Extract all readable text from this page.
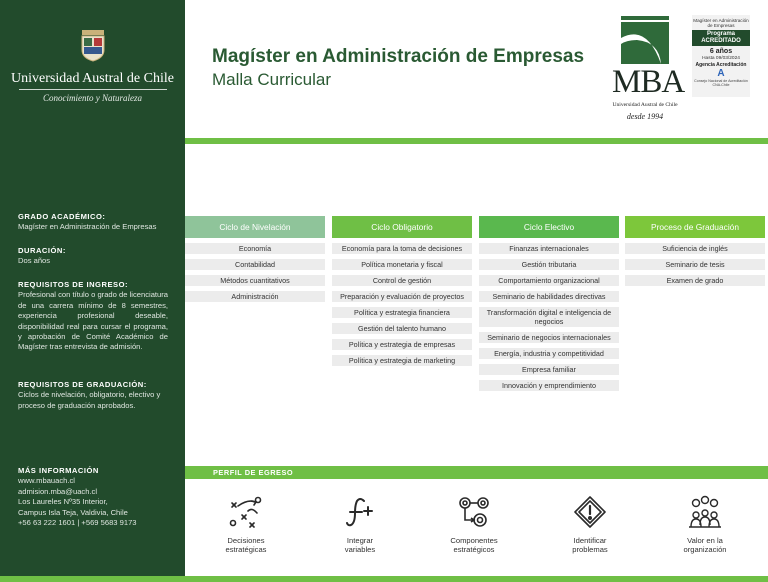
Universidad Austral de Chile
Conocimiento y Naturaleza
GRADO ACADÉMICO:
Magíster en Administración de Empresas
DURACIÓN:
Dos años
REQUISITOS DE INGRESO:
Profesional con título o grado de licenciatura de una carrera mínimo de 8 semestres, experiencia profesional deseable, disponibilidad real para cursar el programa, y aprobación de Comité Académico de Magíster tras entrevista de admisión.
REQUISITOS DE GRADUACIÓN:
Ciclos de nivelación, obligatorio, electivo y proceso de graduación aprobados.
MÁS INFORMACIÓN
www.mbauach.cl
admision.mba@uach.cl
Los Laureles Nº35 Interior,
Campus Isla Teja, Valdivia, Chile
+56 63 222 1601 | +569 5683 9173
Magíster en Administración de Empresas
Malla Curricular	MBA
Universidad Austral de Chile
desde 1994
Magíster en Administración de Empresas
Programa
ACREDITADO
6 años
Hasta 09/03/2024
Agencia Acreditación
A
Consejo Nacional de Acreditación CNA-Chile
Ciclo de Nivelación
Economía
Contabilidad
Métodos cuantitativos
Administración
Ciclo Obligatorio
Economía para la toma de decisiones
Política monetaria y fiscal
Control de gestión
Preparación y evaluación de proyectos
Política y estrategia financiera
Gestión del talento humano
Política y estrategia de empresas
Política y estrategia de marketing
Ciclo Electivo
Finanzas internacionales
Gestión tributaria
Comportamiento organizacional
Seminario de habilidades directivas
Transformación digital e inteligencia de negocios
Seminario de negocios internacionales
Energía, industria y competitividad
Empresa familiar
Innovación y emprendimiento
Proceso de Graduación
Suficiencia de inglés
Seminario de tesis
Examen de grado
PERFIL DE EGRESO
Decisiones
estratégicas
Integrar
variables
Componentes
estratégicos
Identificar
problemas
Valor en la
organización
